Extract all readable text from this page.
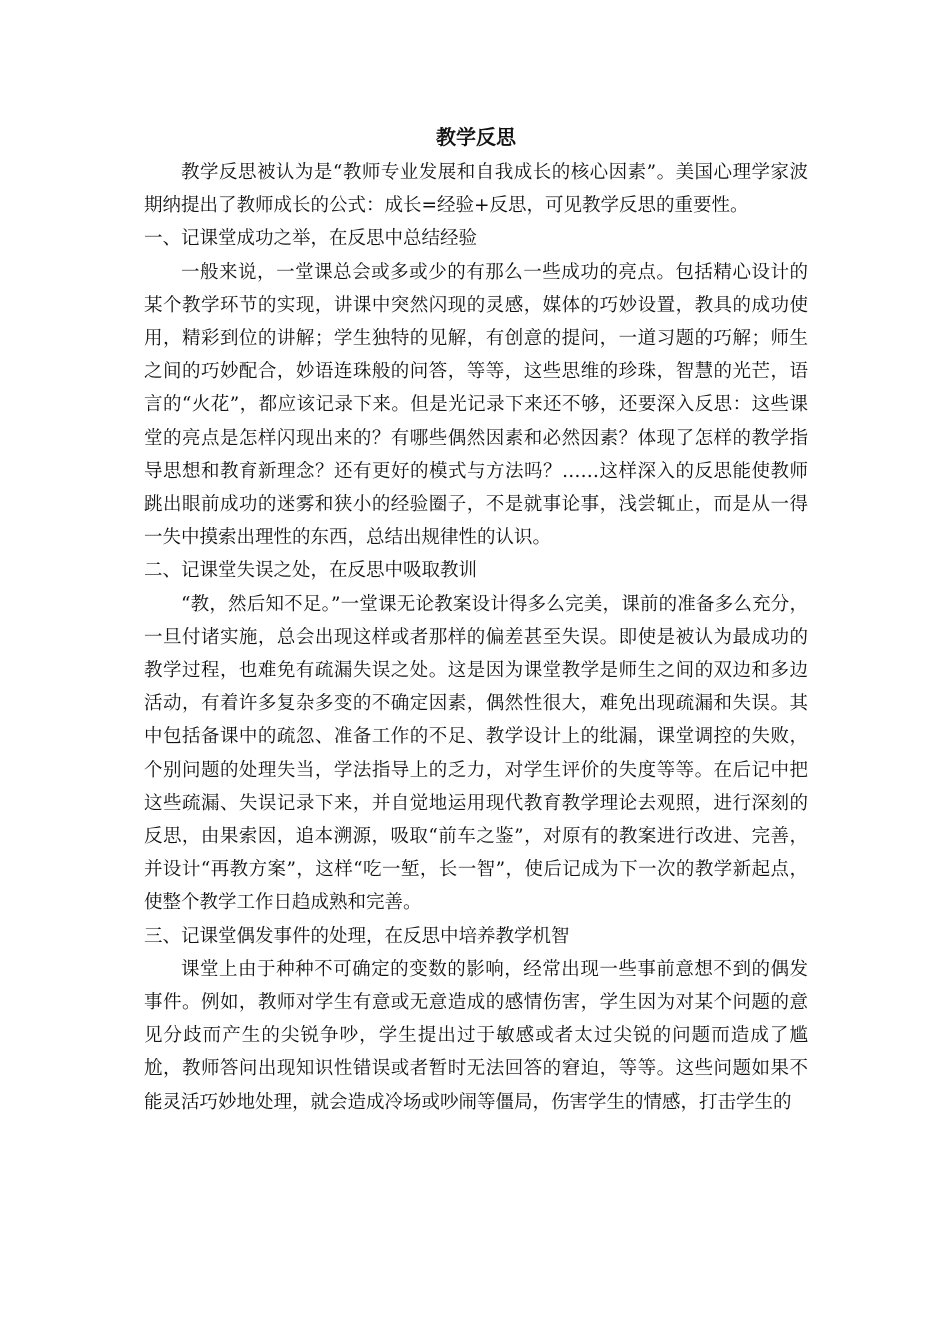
教学反思

教学反思被认为是“教师专业发展和自我成长的核心因素”。美国心理学家波期纳提出了教师成长的公式：成长=经验+反思，可见教学反思的重要性。

一、记课堂成功之举，在反思中总结经验

一般来说，一堂课总会或多或少的有那么一些成功的亮点。包括精心设计的某个教学环节的实现，讲课中突然闪现的灵感，媒体的巧妙设置，教具的成功使用，精彩到位的讲解；学生独特的见解，有创意的提问，一道习题的巧解；师生之间的巧妙配合，妙语连珠般的问答，等等，这些思维的珍珠，智慧的光芒，语言的“火花”，都应该记录下来。但是光记录下来还不够，还要深入反思：这些课堂的亮点是怎样闪现出来的？有哪些偶然因素和必然因素？体现了怎样的教学指导思想和教育新理念？还有更好的模式与方法吗？……这样深入的反思能使教师跳出眼前成功的迷雾和狭小的经验圈子，不是就事论事，浅尝辄止，而是从一得一失中摸索出理性的东西，总结出规律性的认识。

二、记课堂失误之处，在反思中吸取教训

“教，然后知不足。”一堂课无论教案设计得多么完美，课前的准备多么充分，一旦付诸实施，总会出现这样或者那样的偏差甚至失误。即使是被认为最成功的教学过程，也难免有疏漏失误之处。这是因为课堂教学是师生之间的双边和多边活动，有着许多复杂多变的不确定因素，偶然性很大，难免出现疏漏和失误。其中包括备课中的疏忽、准备工作的不足、教学设计上的纰漏，课堂调控的失败，个别问题的处理失当，学法指导上的乏力，对学生评价的失度等等。在后记中把这些疏漏、失误记录下来，并自觉地运用现代教育教学理论去观照，进行深刻的反思，由果索因，追本溯源，吸取“前车之鉴”，对原有的教案进行改进、完善，并设计“再教方案”，这样“吃一堑，长一智”，使后记成为下一次的教学新起点，使整个教学工作日趋成熟和完善。

三、记课堂偶发事件的处理，在反思中培养教学机智

课堂上由于种种不可确定的变数的影响，经常出现一些事前意想不到的偶发事件。例如，教师对学生有意或无意造成的感情伤害，学生因为对某个问题的意见分歧而产生的尖锐争吵，学生提出过于敏感或者太过尖锐的问题而造成了尴尬，教师答问出现知识性错误或者暂时无法回答的窘迫，等等。这些问题如果不能灵活巧妙地处理，就会造成冷场或吵闹等僵局，伤害学生的情感，打击学生的
